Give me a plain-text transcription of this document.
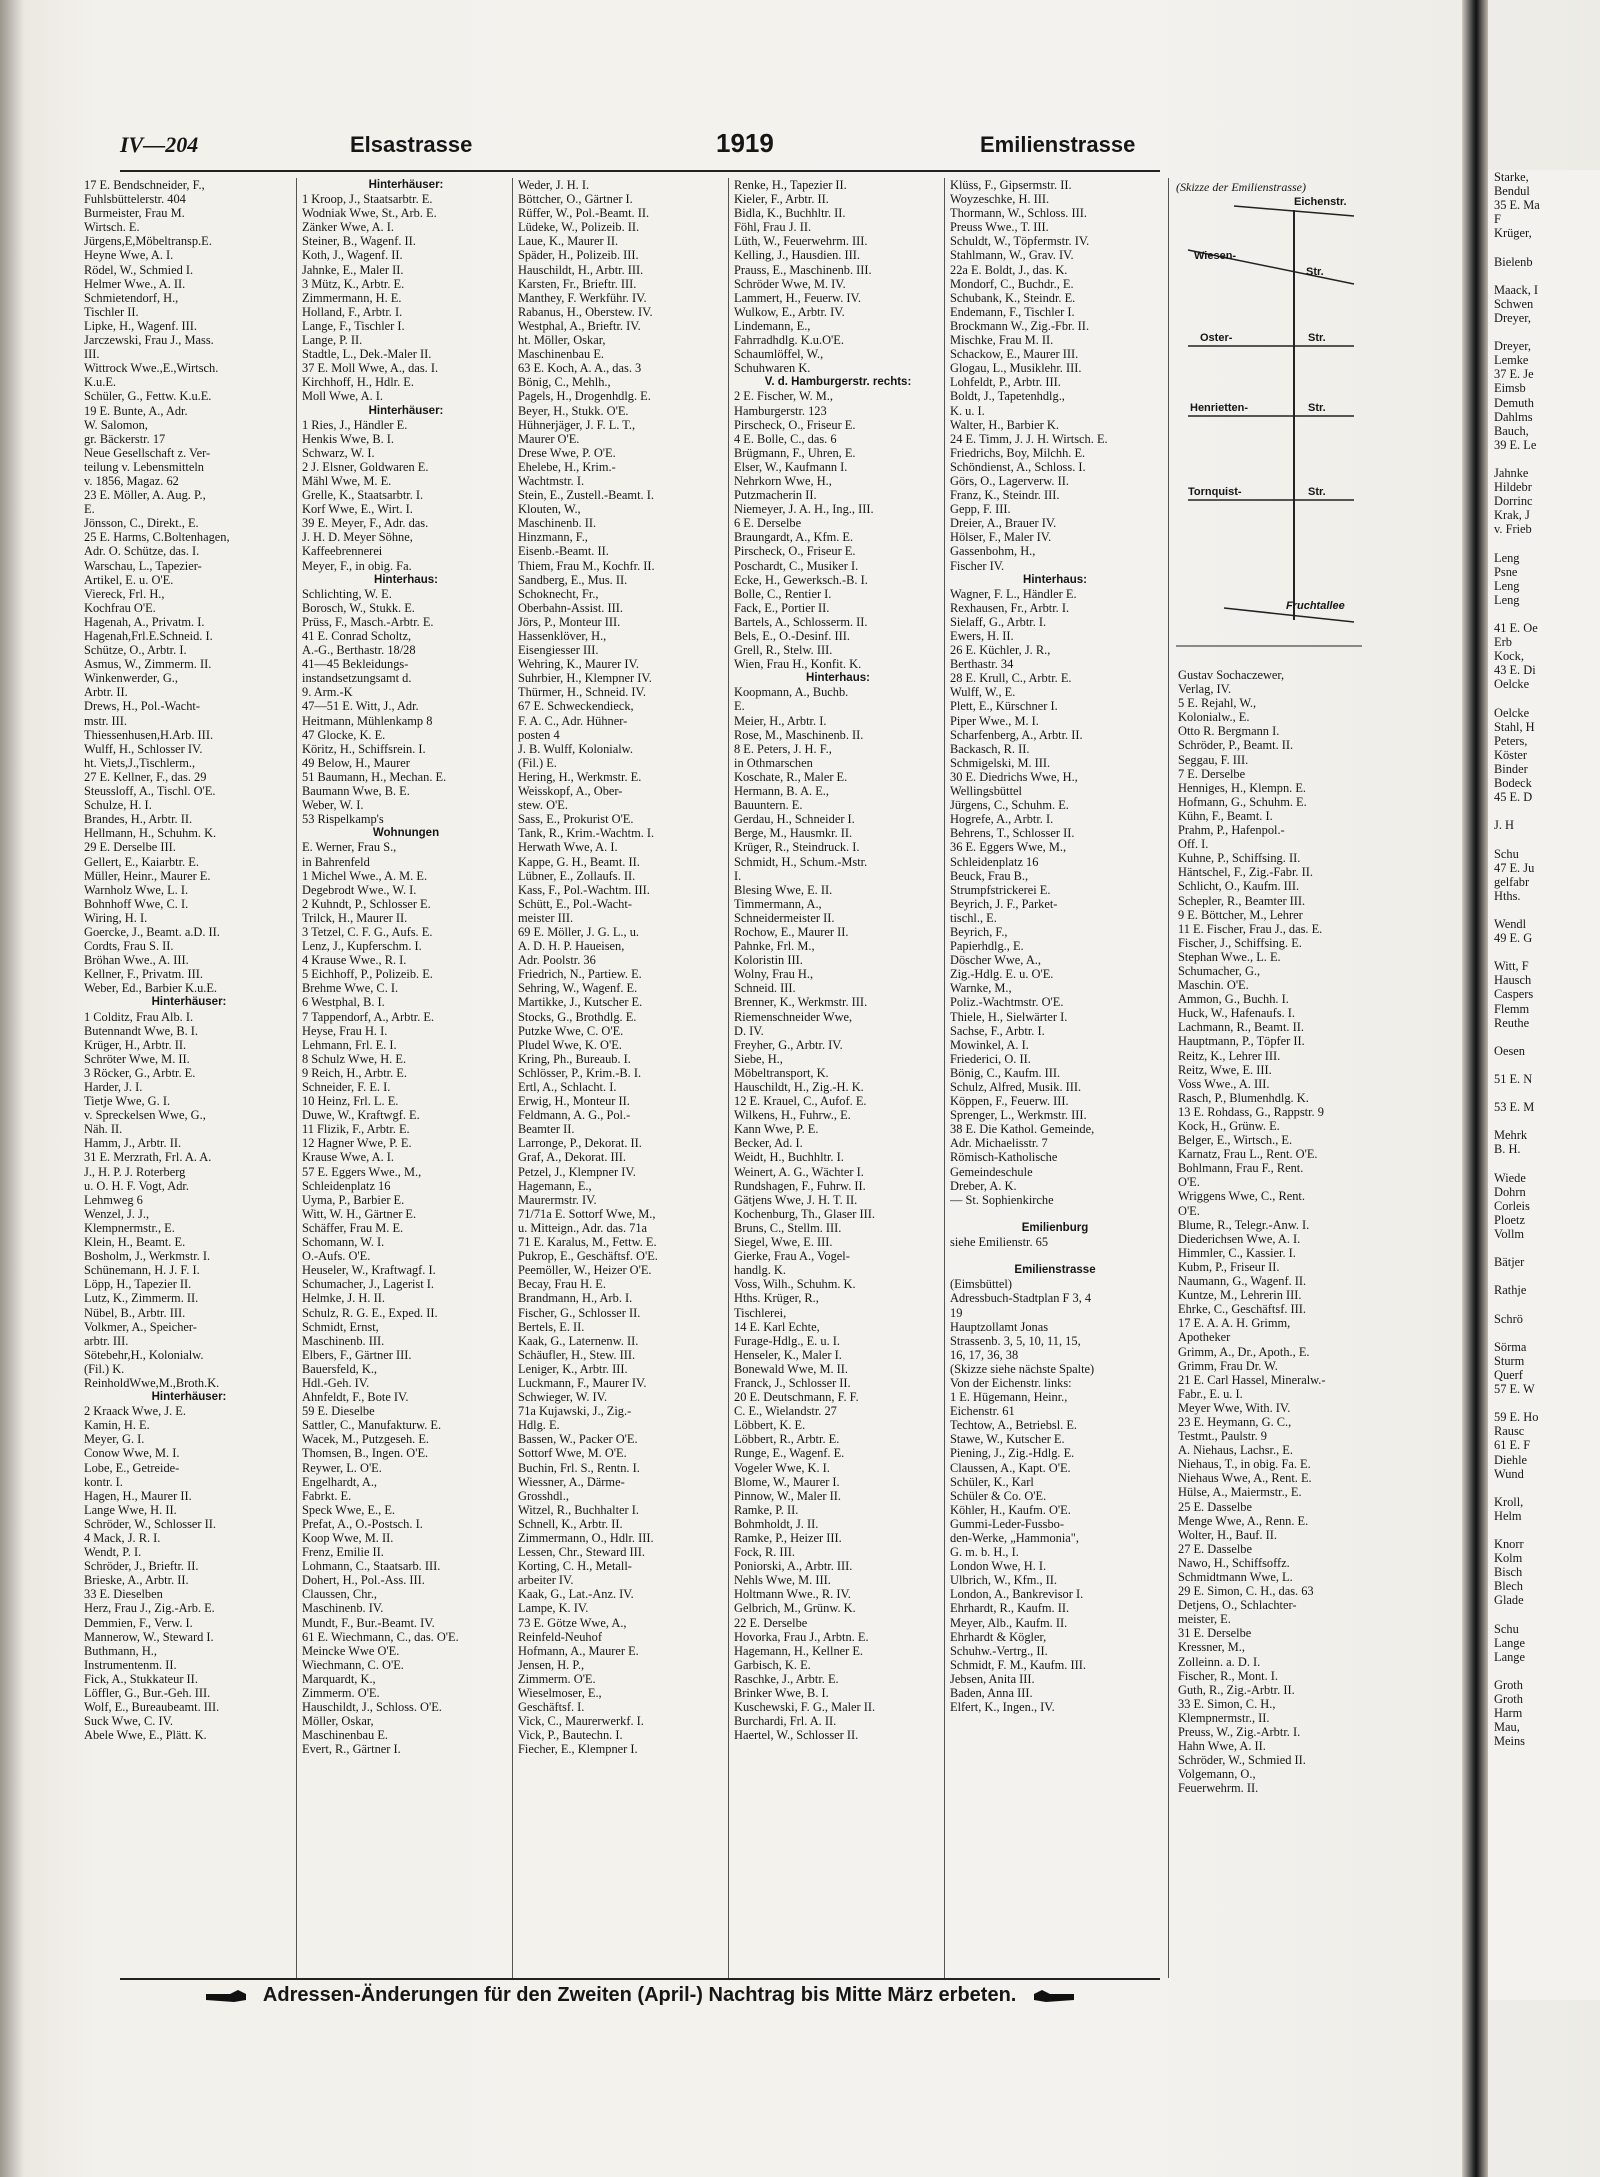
IV—204	Elsastrasse	1919	Emilienstrasse
17 E. Bendschneider, F.,
Fuhlsbüttelerstr. 404
Burmeister, Frau M.
Wirtsch. E.
Jürgens,E,Möbeltransp.E.
Heyne Wwe, A. I.
Rödel, W., Schmied I.
Helmer Wwe., A. II.
Schmietendorf, H.,
Tischler II.
Lipke, H., Wagenf. III.
Jarczewski, Frau J., Mass.
III.
Wittrock Wwe.,E.,Wirtsch.
K.u.E.
Schüler, G., Fettw. K.u.E.
19 E. Bunte, A., Adr.
W. Salomon,
gr. Bäckerstr. 17
Neue Gesellschaft z. Ver-
teilung v. Lebensmitteln
v. 1856, Magaz. 62
23 E. Möller, A. Aug. P.,
E.
Jönsson, C., Direkt., E.
25 E. Harms, C.Boltenhagen,
Adr. O. Schütze, das. I.
Warschau, L., Tapezier-
Artikel, E. u. O'E.
Viereck, Frl. H.,
Kochfrau O'E.
Hagenah, A., Privatm. I.
Hagenah,Frl.E.Schneid. I.
Schütze, O., Arbtr. I.
Asmus, W., Zimmerm. II.
Winkenwerder, G.,
Arbtr. II.
Drews, H., Pol.-Wacht-
mstr. III.
Thiessenhusen,H.Arb. III.
Wulff, H., Schlosser IV.
ht. Viets,J.,Tischlerm.,
27 E. Kellner, F., das. 29
Steussloff, A., Tischl. O'E.
Schulze, H. I.
Brandes, H., Arbtr. II.
Hellmann, H., Schuhm. K.
29 E. Derselbe III.
Gellert, E., Kaiarbtr. E.
Müller, Heinr., Maurer E.
Warnholz Wwe, L. I.
Bohnhoff Wwe, C. I.
Wiring, H. I.
Goercke, J., Beamt. a.D. II.
Cordts, Frau S. II.
Bröhan Wwe., A. III.
Kellner, F., Privatm. III.
Weber, Ed., Barbier K.u.E.
Hinterhäuser:
1 Colditz, Frau Alb. I.
Butennandt Wwe, B. I.
Krüger, H., Arbtr. II.
Schröter Wwe, M. II.
3 Röcker, G., Arbtr. E.
Harder, J. I.
Tietje Wwe, G. I.
v. Spreckelsen Wwe, G.,
Näh. II.
Hamm, J., Arbtr. II.
31 E. Merzrath, Frl. A. A.
J., H. P. J. Roterberg
u. O. H. F. Vogt, Adr.
Lehmweg 6
Wenzel, J. J.,
Klempnermstr., E.
Klein, H., Beamt. E.
Bosholm, J., Werkmstr. I.
Schünemann, H. J. F. I.
Löpp, H., Tapezier II.
Lutz, K., Zimmerm. II.
Nübel, B., Arbtr. III.
Volkmer, A., Speicher-
arbtr. III.
Sötebehr,H., Kolonialw.
(Fil.) K.
ReinholdWwe,M.,Broth.K.
Hinterhäuser:
2 Kraack Wwe, J. E.
Kamin, H. E.
Meyer, G. I.
Conow Wwe, M. I.
Lobe, E., Getreide-
kontr. I.
Hagen, H., Maurer II.
Lange Wwe, H. II.
Schröder, W., Schlosser II.
4 Mack, J. R. I.
Wendt, P. I.
Schröder, J., Brieftr. II.
Brieske, A., Arbtr. II.
33 E. Dieselben
Herz, Frau J., Zig.-Arb. E.
Demmien, F., Verw. I.
Mannerow, W., Steward I.
Buthmann, H.,
Instrumentenm. II.
Fick, A., Stukkateur II.
Löffler, G., Bur.-Geh. III.
Wolf, E., Bureaubeamt. III.
Suck Wwe, C. IV.
Abele Wwe, E., Plätt. K.
Hinterhäuser:
1 Kroop, J., Staatsarbtr. E.
Wodniak Wwe, St., Arb. E.
Zänker Wwe, A. I.
Steiner, B., Wagenf. II.
Koth, J., Wagenf. II.
Jahnke, E., Maler II.
3 Mütz, K., Arbtr. E.
Zimmermann, H. E.
Holland, F., Arbtr. I.
Lange, F., Tischler I.
Lange, P. II.
Stadtle, L., Dek.-Maler II.
37 E. Moll Wwe, A., das. I.
Kirchhoff, H., Hdlr. E.
Moll Wwe, A. I.
Hinterhäuser:
1 Ries, J., Händler E.
Henkis Wwe, B. I.
Schwarz, W. I.
2 J. Elsner, Goldwaren E.
Mähl Wwe, M. E.
Grelle, K., Staatsarbtr. I.
Korf Wwe, E., Wirt. I.
39 E. Meyer, F., Adr. das.
J. H. D. Meyer Söhne,
Kaffeebrennerei
Meyer, F., in obig. Fa.
Hinterhaus:
Schlichting, W. E.
Borosch, W., Stukk. E.
Prüss, F., Masch.-Arbtr. E.
41 E. Conrad Scholtz,
A.-G., Berthastr. 18/28
41—45 Bekleidungs-
instandsetzungsamt d.
9. Arm.-K
47—51 E. Witt, J., Adr.
Heitmann, Mühlenkamp 8
47 Glocke, K. E.
Köritz, H., Schiffsrein. I.
49 Below, H., Maurer
51 Baumann, H., Mechan. E.
Baumann Wwe, B. E.
Weber, W. I.
53 Rispelkamp's
Wohnungen
E. Werner, Frau S.,
in Bahrenfeld
1 Michel Wwe., A. M. E.
Degebrodt Wwe., W. I.
2 Kuhndt, P., Schlosser E.
Trilck, H., Maurer II.
3 Tetzel, C. F. G., Aufs. E.
Lenz, J., Kupferschm. I.
4 Krause Wwe., R. I.
5 Eichhoff, P., Polizeib. E.
Brehme Wwe, C. I.
6 Westphal, B. I.
7 Tappendorf, A., Arbtr. E.
Heyse, Frau H. I.
Lehmann, Frl. E. I.
8 Schulz Wwe, H. E.
9 Reich, H., Arbtr. E.
Schneider, F. E. I.
10 Heinz, Frl. L. E.
Duwe, W., Kraftwgf. E.
11 Flizik, F., Arbtr. E.
12 Hagner Wwe, P. E.
Krause Wwe, A. I.
57 E. Eggers Wwe., M.,
Schleidenplatz 16
Uyma, P., Barbier E.
Witt, W. H., Gärtner E.
Schäffer, Frau M. E.
Schomann, W. I.
O.-Aufs. O'E.
Heuseler, W., Kraftwagf. I.
Schumacher, J., Lagerist I.
Helmke, J. H. II.
Schulz, R. G. E., Exped. II.
Schmidt, Ernst,
Maschinenb. III.
Elbers, F., Gärtner III.
Bauersfeld, K.,
Hdl.-Geh. IV.
Ahnfeldt, F., Bote IV.
59 E. Dieselbe
Sattler, C., Manufakturw. E.
Wacek, M., Putzgeseh. E.
Thomsen, B., Ingen. O'E.
Reywer, L. O'E.
Engelhardt, A.,
Fabrkt. E.
Speck Wwe, E., E.
Prefat, A., O.-Postsch. I.
Koop Wwe, M. II.
Frenz, Emilie II.
Lohmann, C., Staatsarb. III.
Dohert, H., Pol.-Ass. III.
Claussen, Chr.,
Maschinenb. IV.
Mundt, F., Bur.-Beamt. IV.
61 E. Wiechmann, C., das. O'E.
Meincke Wwe O'E.
Wiechmann, C. O'E.
Marquardt, K.,
Zimmerm. O'E.
Hauschildt, J., Schloss. O'E.
Möller, Oskar,
Maschinenbau E.
Evert, R., Gärtner I.
Weder, J. H. I.
Böttcher, O., Gärtner I.
Rüffer, W., Pol.-Beamt. II.
Lüdeke, W., Polizeib. II.
Laue, K., Maurer II.
Späder, H., Polizeib. III.
Hauschildt, H., Arbtr. III.
Karsten, Fr., Brieftr. III.
Manthey, F. Werkführ. IV.
Rabanus, H., Oberstew. IV.
Westphal, A., Brieftr. IV.
ht. Möller, Oskar,
Maschinenbau E.
63 E. Koch, A. A., das. 3
Bönig, C., Mehlh.,
Pagels, H., Drogenhdlg. E.
Beyer, H., Stukk. O'E.
Hühnerjäger, J. F. L. T.,
Maurer O'E.
Drese Wwe, P. O'E.
Ehelebe, H., Krim.-
Wachtmstr. I.
Stein, E., Zustell.-Beamt. I.
Klouten, W.,
Maschinenb. II.
Hinzmann, F.,
Eisenb.-Beamt. II.
Thiem, Frau M., Kochfr. II.
Sandberg, E., Mus. II.
Schoknecht, Fr.,
Oberbahn-Assist. III.
Jörs, P., Monteur III.
Hassenklöver, H.,
Eisengiesser III.
Wehring, K., Maurer IV.
Suhrbier, H., Klempner IV.
Thürmer, H., Schneid. IV.
67 E. Schweckendieck,
F. A. C., Adr. Hühner-
posten 4
J. B. Wulff, Kolonialw.
(Fil.) E.
Hering, H., Werkmstr. E.
Weisskopf, A., Ober-
stew. O'E.
Sass, E., Prokurist O'E.
Tank, R., Krim.-Wachtm. I.
Herwath Wwe, A. I.
Kappe, G. H., Beamt. II.
Lübner, E., Zollaufs. II.
Kass, F., Pol.-Wachtm. III.
Schütt, E., Pol.-Wacht-
meister III.
69 E. Möller, J. G. L., u.
A. D. H. P. Haueisen,
Adr. Poolstr. 36
Friedrich, N., Partiew. E.
Sehring, W., Wagenf. E.
Martikke, J., Kutscher E.
Stocks, G., Brothdlg. E.
Putzke Wwe, C. O'E.
Pludel Wwe, K. O'E.
Kring, Ph., Bureaub. I.
Schlösser, P., Krim.-B. I.
Ertl, A., Schlacht. I.
Erwig, H., Monteur II.
Feldmann, A. G., Pol.-
Beamter II.
Larronge, P., Dekorat. II.
Graf, A., Dekorat. III.
Petzel, J., Klempner IV.
Hagemann, E.,
Maurermstr. IV.
71/71a E. Sottorf Wwe, M.,
u. Mitteign., Adr. das. 71a
71 E. Karalus, M., Fettw. E.
Pukrop, E., Geschäftsf. O'E.
Peemöller, W., Heizer O'E.
Becay, Frau H. E.
Brandmann, H., Arb. I.
Fischer, G., Schlosser II.
Bertels, E. II.
Kaak, G., Laternenw. II.
Schäufler, H., Stew. III.
Leniger, K., Arbtr. III.
Luckmann, F., Maurer IV.
Schwieger, W. IV.
71a Kujawski, J., Zig.-
Hdlg. E.
Bassen, W., Packer O'E.
Sottorf Wwe, M. O'E.
Buchin, Frl. S., Rentn. I.
Wiessner, A., Därme-
Grosshdl.,
Witzel, R., Buchhalter I.
Schnell, K., Arbtr. II.
Zimmermann, O., Hdlr. III.
Lessen, Chr., Steward III.
Korting, C. H., Metall-
arbeiter IV.
Kaak, G., Lat.-Anz. IV.
Lampe, K. IV.
73 E. Götze Wwe, A.,
Reinfeld-Neuhof
Hofmann, A., Maurer E.
Jensen, H. P.,
Zimmerm. O'E.
Wieselmoser, E.,
Geschäftsf. I.
Vick, C., Maurerwerkf. I.
Vick, P., Bautechn. I.
Fiecher, E., Klempner I.
Renke, H., Tapezier II.
Kieler, F., Arbtr. II.
Bidla, K., Buchhltr. II.
Föhl, Frau J. II.
Lüth, W., Feuerwehrm. III.
Kelling, J., Hausdien. III.
Prauss, E., Maschinenb. III.
Schröder Wwe, M. IV.
Lammert, H., Feuerw. IV.
Wulkow, E., Arbtr. IV.
Lindemann, E.,
Fahrradhdlg. K.u.O'E.
Schaumlöffel, W.,
Schuhwaren K.
V. d. Hamburgerstr. rechts:
2 E. Fischer, W. M.,
Hamburgerstr. 123
Pirscheck, O., Friseur E.
4 E. Bolle, C., das. 6
Brügmann, F., Uhren, E.
Elser, W., Kaufmann I.
Nehrkorn Wwe, H.,
Putzmacherin II.
Niemeyer, J. A. H., Ing., III.
6 E. Derselbe
Braungardt, A., Kfm. E.
Pirscheck, O., Friseur E.
Poschardt, C., Musiker I.
Ecke, H., Gewerksch.-B. I.
Bolle, C., Rentier I.
Fack, E., Portier II.
Bartels, A., Schlosserm. II.
Bels, E., O.-Desinf. III.
Grell, R., Stelw. III.
Wien, Frau H., Konfit. K.
Hinterhaus:
Koopmann, A., Buchb.
E.
Meier, H., Arbtr. I.
Rose, M., Maschinenb. II.
8 E. Peters, J. H. F.,
in Othmarschen
Koschate, R., Maler E.
Hermann, B. A. E.,
Bauuntern. E.
Gerdau, H., Schneider I.
Berge, M., Hausmkr. II.
Krüger, R., Steindruck. I.
Schmidt, H., Schum.-Mstr.
I.
Blesing Wwe, E. II.
Timmermann, A.,
Schneidermeister II.
Rochow, E., Maurer II.
Pahnke, Frl. M.,
Koloristin III.
Wolny, Frau H.,
Schneid. III.
Brenner, K., Werkmstr. III.
Riemenschneider Wwe,
D. IV.
Freyher, G., Arbtr. IV.
Siebe, H.,
Möbeltransport, K.
Hauschildt, H., Zig.-H. K.
12 E. Krauel, C., Aufof. E.
Wilkens, H., Fuhrw., E.
Kann Wwe, P. E.
Becker, Ad. I.
Weidt, H., Buchhltr. I.
Weinert, A. G., Wächter I.
Rundshagen, F., Fuhrw. II.
Gätjens Wwe, J. H. T. II.
Kochenburg, Th., Glaser III.
Bruns, C., Stellm. III.
Siegel, Wwe, E. III.
Gierke, Frau A., Vogel-
handlg. K.
Voss, Wilh., Schuhm. K.
Hths. Krüger, R.,
Tischlerei,
14 E. Karl Echte,
Furage-Hdlg., E. u. I.
Henseler, K., Maler I.
Bonewald Wwe, M. II.
Franck, J., Schlosser II.
20 E. Deutschmann, F. F.
C. E., Wielandstr. 27
Löbbert, K. E.
Löbbert, R., Arbtr. E.
Runge, E., Wagenf. E.
Vogeler Wwe, K. I.
Blome, W., Maurer I.
Pinnow, W., Maler II.
Ramke, P. II.
Bohmholdt, J. II.
Ramke, P., Heizer III.
Fock, R. III.
Poniorski, A., Arbtr. III.
Nehls Wwe, M. III.
Holtmann Wwe., R. IV.
Gelbrich, M., Grünw. K.
22 E. Derselbe
Hovorka, Frau J., Arbtn. E.
Hagemann, H., Kellner E.
Garbisch, K. E.
Raschke, J., Arbtr. E.
Brinker Wwe, B. I.
Kuschewski, F. G., Maler II.
Burchardi, Frl. A. II.
Haertel, W., Schlosser II.
Klüss, F., Gipsermstr. II.
Woyzeschke, H. III.
Thormann, W., Schloss. III.
Preuss Wwe., T. III.
Schuldt, W., Töpfermstr. IV.
Stahlmann, W., Grav. IV.
22a E. Boldt, J., das. K.
Mondorf, C., Buchdr., E.
Schubank, K., Steindr. E.
Endemann, F., Tischler I.
Brockmann W., Zig.-Fbr. II.
Mischke, Frau M. II.
Schackow, E., Maurer III.
Glogau, L., Musiklehr. III.
Lohfeldt, P., Arbtr. III.
Boldt, J., Tapetenhdlg.,
K. u. I.
Walter, H., Barbier K.
24 E. Timm, J. J. H. Wirtsch. E.
Friedrichs, Boy, Milchh. E.
Schöndienst, A., Schloss. I.
Görs, O., Lagerverw. II.
Franz, K., Steindr. III.
Gepp, F. III.
Dreier, A., Brauer IV.
Hölser, F., Maler IV.
Gassenbohm, H.,
Fischer IV.
Hinterhaus:
Wagner, F. L., Händler E.
Rexhausen, Fr., Arbtr. I.
Sielaff, G., Arbtr. I.
Ewers, H. II.
26 E. Küchler, J. R.,
Berthastr. 34
28 E. Krull, C., Arbtr. E.
Wulff, W., E.
Plett, E., Kürschner I.
Piper Wwe., M. I.
Scharfenberg, A., Arbtr. II.
Backasch, R. II.
Schmigelski, M. III.
30 E. Diedrichs Wwe, H.,
Wellingsbüttel
Jürgens, C., Schuhm. E.
Hogrefe, A., Arbtr. I.
Behrens, T., Schlosser II.
36 E. Eggers Wwe, M.,
Schleidenplatz 16
Beuck, Frau B.,
Strumpfstrickerei E.
Beyrich, J. F., Parket-
tischl., E.
Beyrich, F.,
Papierhdlg., E.
Döscher Wwe, A.,
Zig.-Hdlg. E. u. O'E.
Warnke, M.,
Poliz.-Wachtmstr. O'E.
Thiele, H., Sielwärter I.
Sachse, F., Arbtr. I.
Mowinkel, A. I.
Friederici, O. II.
Bönig, C., Kaufm. III.
Schulz, Alfred, Musik. III.
Köppen, F., Feuerw. III.
Sprenger, L., Werkmstr. III.
38 E. Die Kathol. Gemeinde,
Adr. Michaelisstr. 7
Römisch-Katholische
Gemeindeschule
Dreber, A. K.
— St. Sophienkirche

Emilienburg
siehe Emilienstr. 65

Emilienstrasse
(Eimsbüttel)
Adressbuch-Stadtplan F 3, 4
19
Hauptzollamt Jonas
Strassenb. 3, 5, 10, 11, 15,
16, 17, 36, 38
(Skizze siehe nächste Spalte)
Von der Eichenstr. links:
1 E. Hügemann, Heinr.,
Eichenstr. 61
Techtow, A., Betriebsl. E.
Stawe, W., Kutscher E.
Piening, J., Zig.-Hdlg. E.
Claussen, A., Kapt. O'E.
Schüler, K., Karl
Schüler & Co. O'E.
Köhler, H., Kaufm. O'E.
Gummi-Leder-Fussbo-
den-Werke, „Hammonia",
G. m. b. H., I.
London Wwe, H. I.
Ulbrich, W., Kfm., II.
London, A., Bankrevisor I.
Ehrhardt, R., Kaufm. II.
Meyer, Alb., Kaufm. II.
Ehrhardt & Kögler,
Schuhw.-Vertrg., II.
Schmidt, F. M., Kaufm. III.
Jebsen, Anita III.
Baden, Anna III.
Elfert, K., Ingen., IV.
(Skizze der Emilienstrasse)
Eichenstr.
Wiesen-
Str.
Oster-	Str.
Henrietten-	Str.
Tornquist-	Str.
Fruchtallee
Gustav Sochaczewer,
Verlag, IV.
5 E. Rejahl, W.,
Kolonialw., E.
Otto R. Bergmann I.
Schröder, P., Beamt. II.
Seggau, F. III.
7 E. Derselbe
Henniges, H., Klempn. E.
Hofmann, G., Schuhm. E.
Kühn, F., Beamt. I.
Prahm, P., Hafenpol.-
Off. I.
Kuhne, P., Schiffsing. II.
Häntschel, F., Zig.-Fabr. II.
Schlicht, O., Kaufm. III.
Schepler, R., Beamter III.
9 E. Böttcher, M., Lehrer
11 E. Fischer, Frau J., das. E.
Fischer, J., Schiffsing. E.
Stephan Wwe., L. E.
Schumacher, G.,
Maschin. O'E.
Ammon, G., Buchh. I.
Huck, W., Hafenaufs. I.
Lachmann, R., Beamt. II.
Hauptmann, P., Töpfer II.
Reitz, K., Lehrer III.
Reitz, Wwe, E. III.
Voss Wwe., A. III.
Rasch, P., Blumenhdlg. K.
13 E. Rohdass, G., Rappstr. 9
Kock, H., Grünw. E.
Belger, E., Wirtsch., E.
Karnatz, Frau L., Rent. O'E.
Bohlmann, Frau F., Rent.
O'E.
Wriggens Wwe, C., Rent.
O'E.
Blume, R., Telegr.-Anw. I.
Diederichsen Wwe, A. I.
Himmler, C., Kassier. I.
Kubm, P., Friseur II.
Naumann, G., Wagenf. II.
Kuntze, M., Lehrerin III.
Ehrke, C., Geschäftsf. III.
17 E. A. A. H. Grimm,
Apotheker
Grimm, A., Dr., Apoth., E.
Grimm, Frau Dr. W.
21 E. Carl Hassel, Mineralw.-
Fabr., E. u. I.
Meyer Wwe, With. IV.
23 E. Heymann, G. C.,
Testmt., Paulstr. 9
A. Niehaus, Lachsr., E.
Niehaus, T., in obig. Fa. E.
Niehaus Wwe, A., Rent. E.
Hülse, A., Maiermstr., E.
25 E. Dasselbe
Menge Wwe, A., Renn. E.
Wolter, H., Bauf. II.
27 E. Dasselbe
Nawo, H., Schiffsoffz.
Schmidtmann Wwe, L.
29 E. Simon, C. H., das. 63
Detjens, O., Schlachter-
meister, E.
31 E. Derselbe
Kressner, M.,
Zolleinn. a. D. I.
Fischer, R., Mont. I.
Guth, R., Zig.-Arbtr. II.
33 E. Simon, C. H.,
Klempnermstr., II.
Preuss, W., Zig.-Arbtr. I.
Hahn Wwe, A. II.
Schröder, W., Schmied II.
Volgemann, O.,
Feuerwehrm. II.
Adressen-Änderungen für den Zweiten (April-) Nachtrag bis Mitte März erbeten.
Starke,
Bendul
35 E. Ma
F
Krüger,

Bielenb

Maack, I
Schwen
Dreyer,

Dreyer,
Lemke
37 E. Je
Eimsb
Demuth
Dahlms
Bauch,
39 E. Le

Jahnke
Hildebr
Dorrinc
Krak, J
v. Frieb

Leng
Psne
Leng
Leng

41 E. Oe
Erb
Kock,
43 E. Di
Oelcke

Oelcke
Stahl, H
Peters,
Köster
Binder
Bodeck
45 E. D

J. H

Schu
47 E. Ju
gelfabr
Hths.

Wendl
49 E. G

Witt, F
Hausch
Caspers
Flemm
Reuthe

Oesen

51 E. N

53 E. M

Mehrk
B. H.

Wiede
Dohrn
Corleis
Ploetz
Vollm

Bätjer

Rathje

Schrö

Sörma
Sturm
Querf
57 E. W

59 E. Ho
Rausc
61 E. F
Diehle
Wund

Kroll,
Helm

Knorr
Kolm
Bisch
Blech
Glade

Schu
Lange
Lange

Groth
Groth
Harm
Mau,
Meins
